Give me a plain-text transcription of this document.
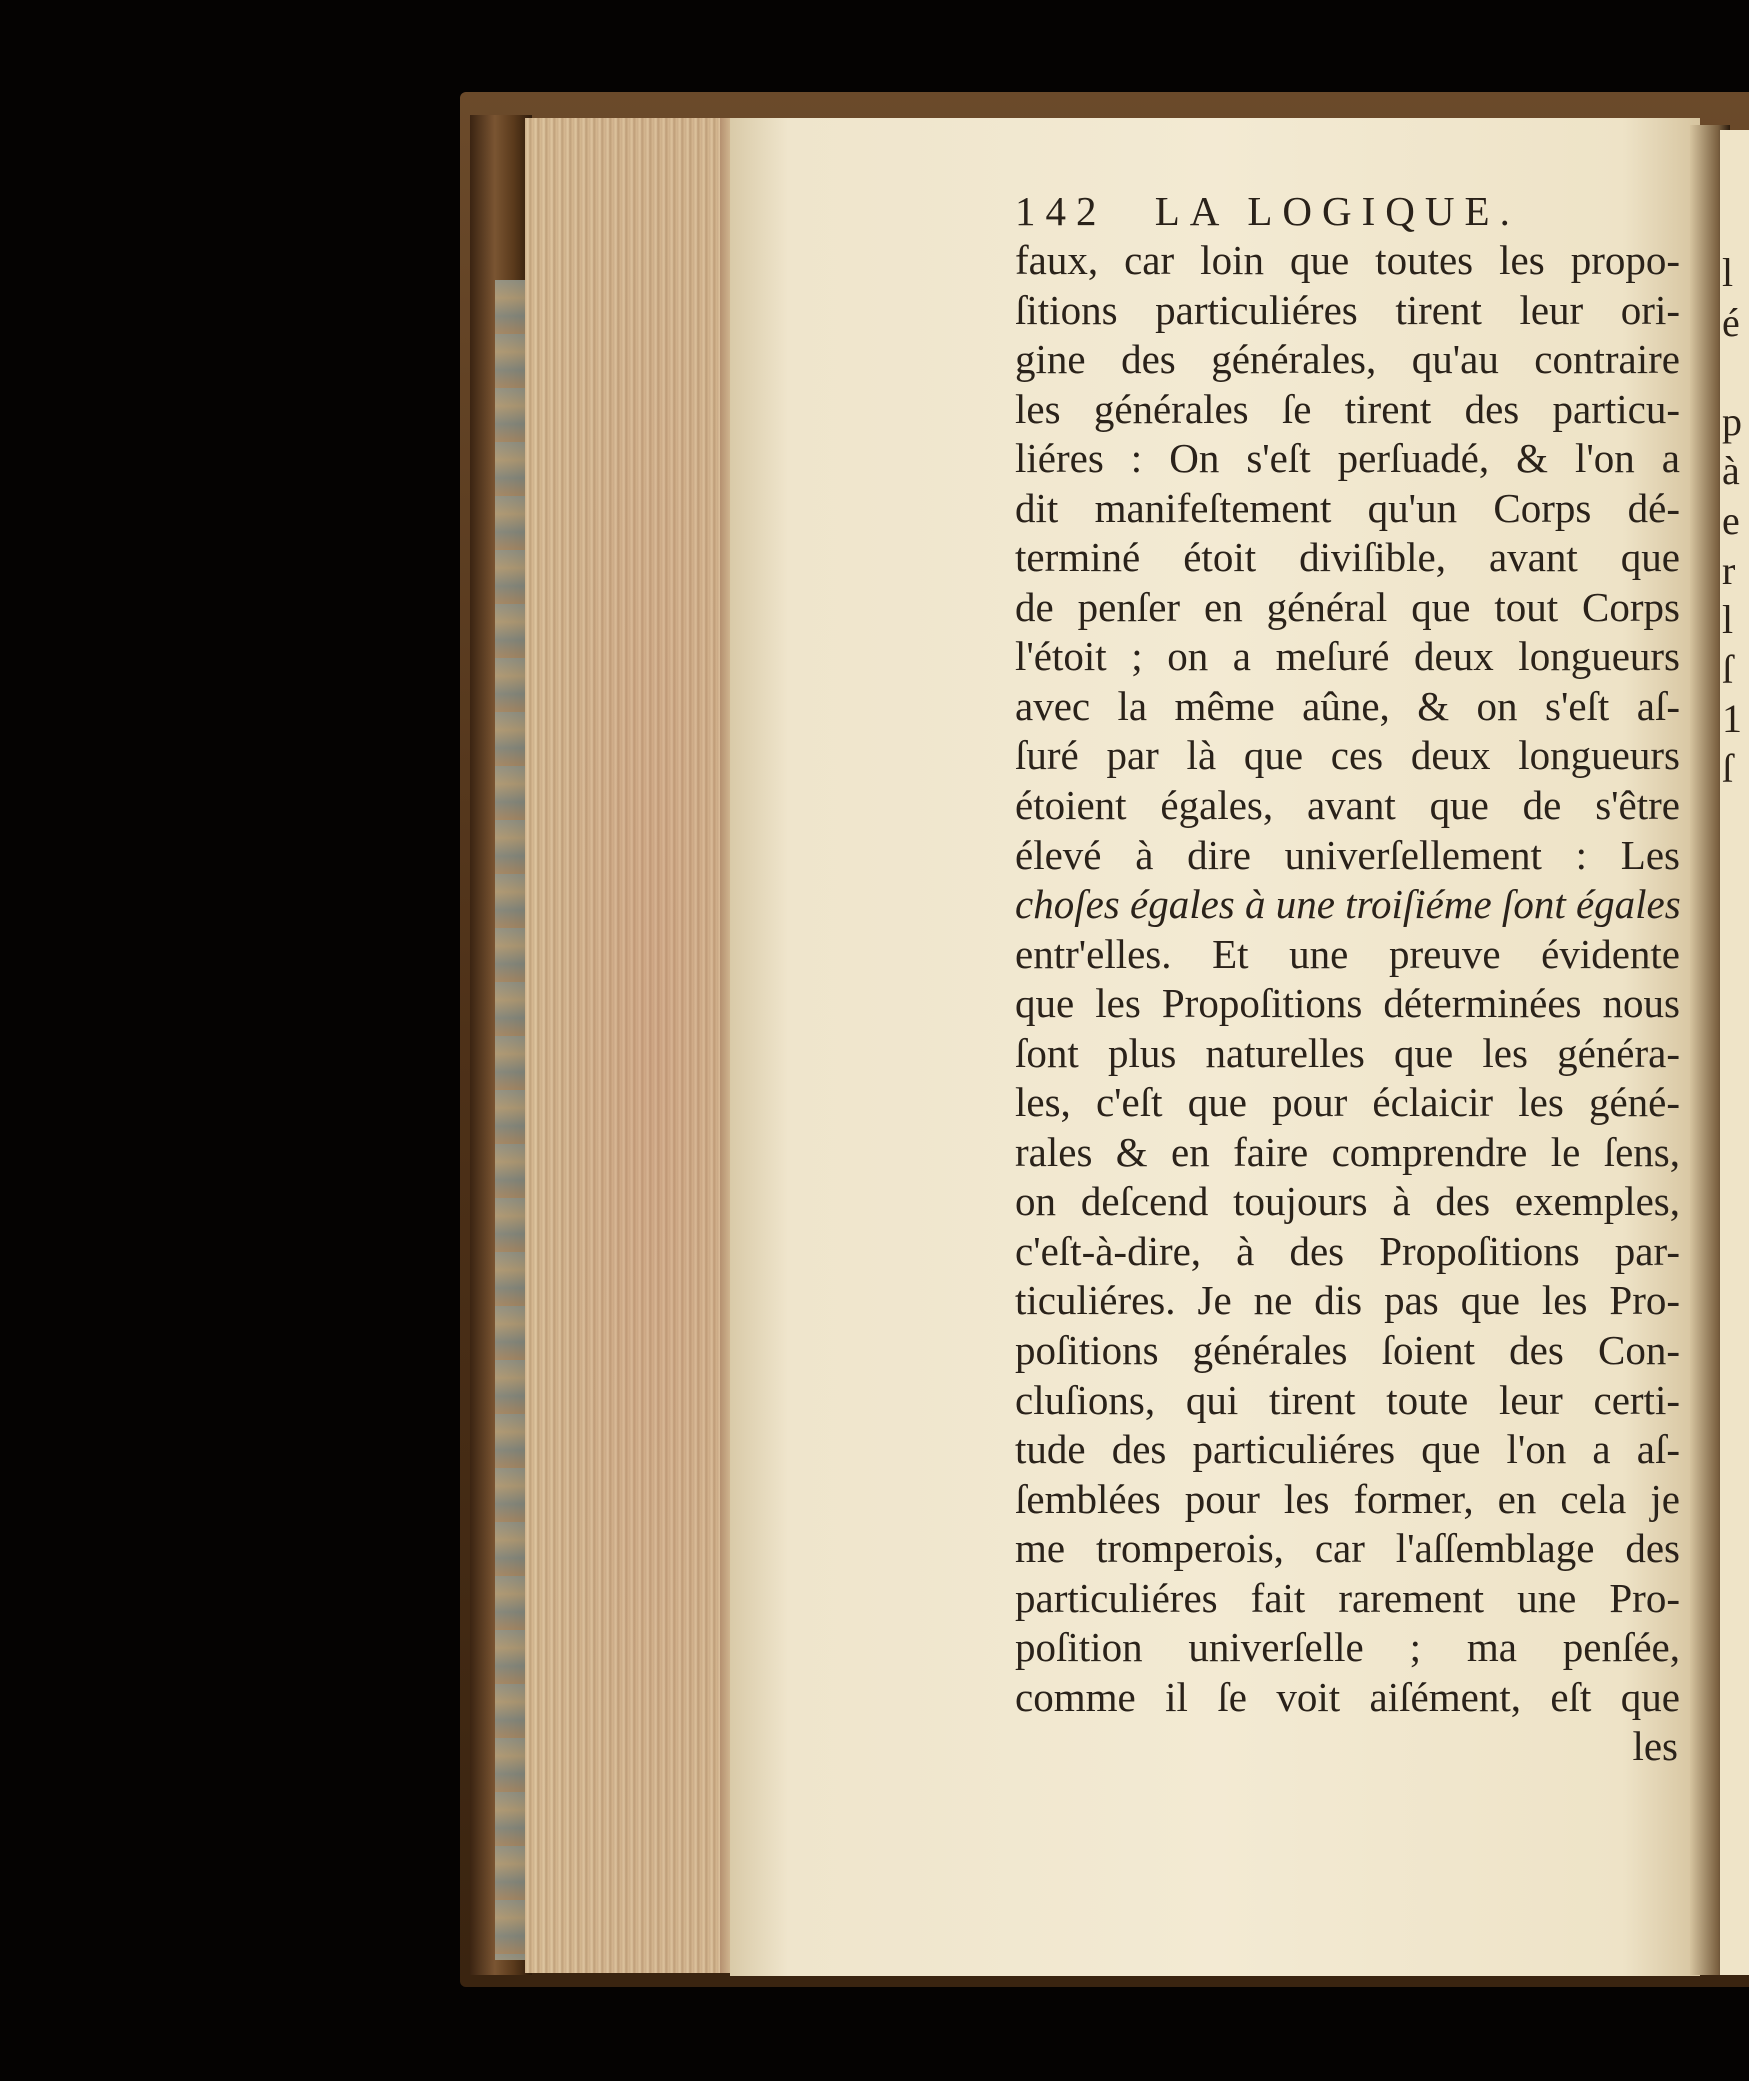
l
é

p
à
e
r
l
ſ
1
ſ
142 LA LOGIQUE.
faux, car loin que toutes les propo-
ſitions particuliéres tirent leur ori-
gine des générales, qu'au contraire
les générales ſe tirent des particu-
liéres : On s'eſt perſuadé, & l'on a
dit manifeſtement qu'un Corps dé-
terminé étoit diviſible, avant que
de penſer en général que tout Corps
l'étoit ; on a meſuré deux longueurs
avec la même aûne, & on s'eſt aſ-
ſuré par là que ces deux longueurs
étoient égales, avant que de s'être
élevé à dire univerſellement : Les
choſes égales à une troiſiéme ſont égales
entr'elles. Et une preuve évidente
que les Propoſitions déterminées nous
ſont plus naturelles que les généra-
les, c'eſt que pour éclaicir les géné-
rales & en faire comprendre le ſens,
on deſcend toujours à des exemples,
c'eſt-à-dire, à des Propoſitions par-
ticuliéres. Je ne dis pas que les Pro-
poſitions générales ſoient des Con-
cluſions, qui tirent toute leur certi-
tude des particuliéres que l'on a aſ-
ſemblées pour les former, en cela je
me tromperois, car l'aſſemblage des
particuliéres fait rarement une Pro-
poſition univerſelle ; ma penſée,
comme il ſe voit aiſément, eſt que
les
